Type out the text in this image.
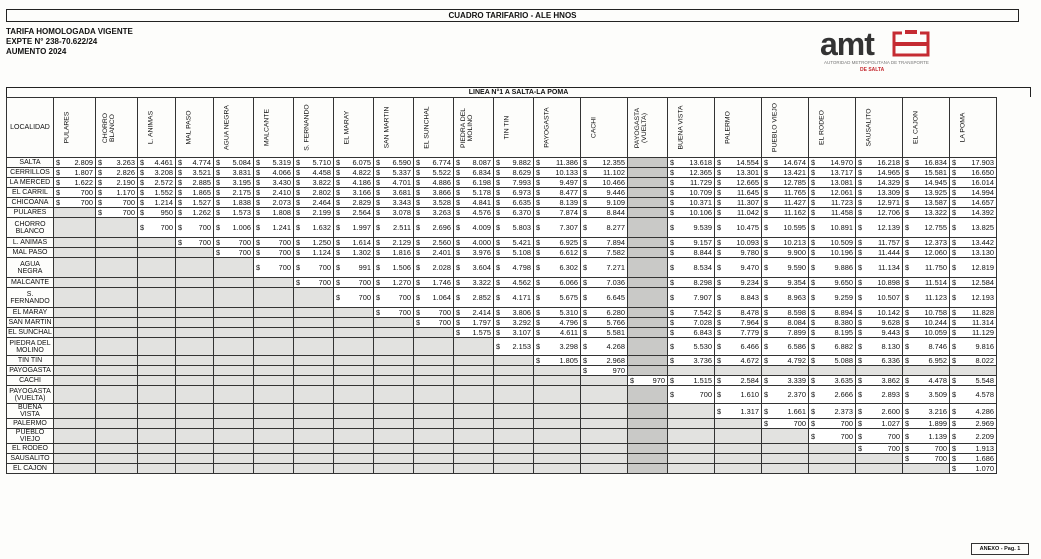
CUADRO TARIFARIO - ALE HNOS
TARIFA HOMOLOGADA VIGENTE
EXPTE N° 238-70.622/24
AUMENTO 2024	amt
AUTORIDAD METROPOLITANA DE TRANSPORTE
DE SALTA
LINEA N°1 A SALTA-LA POMA
LOCALIDAD	PULARES	CHORRO BLANCO	L. ANIMAS	MAL PASO	AGUA NEGRA	MALCANTE	S. FERNANDO	EL MARAY	SAN MARTIN	EL SUNCHAL	PIEDRA DEL MOLINO	TIN TIN	PAYOGASTA	CACHI	PAYOGASTA (VUELTA)	BUENA VISTA	PALERMO	PUEBLO VIEJO	EL RODEO	SAUSALITO	EL CAJON	LA POMA

SALTA	$ 2.809	$ 3.263	$ 4.461	$ 4.774	$ 5.084	$ 5.319	$ 5.710	$ 6.075	$ 6.590	$ 6.774	$ 8.087	$ 9.882	$ 11.386	$ 12.355		$ 13.618	$ 14.554	$ 14.674	$ 14.970	$ 16.218	$ 16.834	$ 17.903

CERRILLOS	$ 1.807	$ 2.826	$ 3.208	$ 3.521	$ 3.831	$ 4.066	$ 4.458	$ 4.822	$ 5.337	$ 5.522	$ 6.834	$ 8.629	$ 10.133	$ 11.102		$ 12.365	$ 13.301	$ 13.421	$ 13.717	$ 14.965	$ 15.581	$ 16.650

LA MERCED	$ 1.622	$ 2.190	$ 2.572	$ 2.885	$ 3.195	$ 3.430	$ 3.822	$ 4.186	$ 4.701	$ 4.886	$ 6.198	$ 7.993	$ 9.497	$ 10.466		$ 11.729	$ 12.665	$ 12.785	$ 13.081	$ 14.329	$ 14.945	$ 16.014

EL CARRIL	$ 700	$ 1.170	$ 1.552	$ 1.865	$ 2.175	$ 2.410	$ 2.802	$ 3.166	$ 3.681	$ 3.866	$ 5.178	$ 6.973	$ 8.477	$ 9.446		$ 10.709	$ 11.645	$ 11.765	$ 12.061	$ 13.309	$ 13.925	$ 14.994

CHICOANA	$ 700	$ 700	$ 1.214	$ 1.527	$ 1.838	$ 2.073	$ 2.464	$ 2.829	$ 3.343	$ 3.528	$ 4.841	$ 6.635	$ 8.139	$ 9.109		$ 10.371	$ 11.307	$ 11.427	$ 11.723	$ 12.971	$ 13.587	$ 14.657

PULARES		$ 700	$ 950	$ 1.262	$ 1.573	$ 1.808	$ 2.199	$ 2.564	$ 3.078	$ 3.263	$ 4.576	$ 6.370	$ 7.874	$ 8.844		$ 10.106	$ 11.042	$ 11.162	$ 11.458	$ 12.706	$ 13.322	$ 14.392

CHORRO BLANCO			$ 700	$ 700	$ 1.006	$ 1.241	$ 1.632	$ 1.997	$ 2.511	$ 2.696	$ 4.009	$ 5.803	$ 7.307	$ 8.277		$ 9.539	$ 10.475	$ 10.595	$ 10.891	$ 12.139	$ 12.755	$ 13.825

L. ANIMAS				$ 700	$ 700	$ 700	$ 1.250	$ 1.614	$ 2.129	$ 2.560	$ 4.000	$ 5.421	$ 6.925	$ 7.894		$ 9.157	$ 10.093	$ 10.213	$ 10.509	$ 11.757	$ 12.373	$ 13.442

MAL PASO					$ 700	$ 700	$ 1.124	$ 1.302	$ 1.816	$ 2.401	$ 3.976	$ 5.108	$ 6.612	$ 7.582		$ 8.844	$ 9.780	$ 9.900	$ 10.196	$ 11.444	$ 12.060	$ 13.130

AGUA NEGRA						$ 700	$ 700	$ 991	$ 1.506	$ 2.028	$ 3.604	$ 4.798	$ 6.302	$ 7.271		$ 8.534	$ 9.470	$ 9.590	$ 9.886	$ 11.134	$ 11.750	$ 12.819

MALCANTE							$ 700	$ 700	$ 1.270	$ 1.746	$ 3.322	$ 4.562	$ 6.066	$ 7.036		$ 8.298	$ 9.234	$ 9.354	$ 9.650	$ 10.898	$ 11.514	$ 12.584

S. FERNANDO								$ 700	$ 700	$ 1.064	$ 2.852	$ 4.171	$ 5.675	$ 6.645		$ 7.907	$ 8.843	$ 8.963	$ 9.259	$ 10.507	$ 11.123	$ 12.193

EL MARAY									$ 700	$ 700	$ 2.414	$ 3.806	$ 5.310	$ 6.280		$ 7.542	$ 8.478	$ 8.598	$ 8.894	$ 10.142	$ 10.758	$ 11.828

SAN MARTIN										$ 700	$ 1.797	$ 3.292	$ 4.796	$ 5.766		$ 7.028	$ 7.964	$ 8.084	$ 8.380	$ 9.628	$ 10.244	$ 11.314

EL SUNCHAL											$ 1.575	$ 3.107	$ 4.611	$ 5.581		$ 6.843	$ 7.779	$ 7.899	$ 8.195	$ 9.443	$ 10.059	$ 11.129

PIEDRA DEL MOLINO												$ 2.153	$ 3.298	$ 4.268		$ 5.530	$ 6.466	$ 6.586	$ 6.882	$ 8.130	$ 8.746	$ 9.816

TIN TIN													$ 1.805	$ 2.968		$ 3.736	$ 4.672	$ 4.792	$ 5.088	$ 6.336	$ 6.952	$ 8.022

PAYOGASTA														$ 970								

CACHI															$ 970	$ 1.515	$ 2.584	$ 3.339	$ 3.635	$ 3.862	$ 4.478	$ 5.548

PAYOGASTA (VUELTA)																$ 700	$ 1.610	$ 2.370	$ 2.666	$ 2.893	$ 3.509	$ 4.578

BUENA VISTA																	$ 1.317	$ 1.661	$ 2.373	$ 2.600	$ 3.216	$ 4.286

PALERMO																		$ 700	$ 700	$ 1.027	$ 1.899	$ 2.969

PUEBLO VIEJO																			$ 700	$ 700	$ 1.139	$ 2.209

EL RODEO																				$ 700	$ 700	$ 1.913

SAUSALITO																					$ 700	$ 1.686

EL CAJON																						$ 1.070
ANEXO - Pag. 1
